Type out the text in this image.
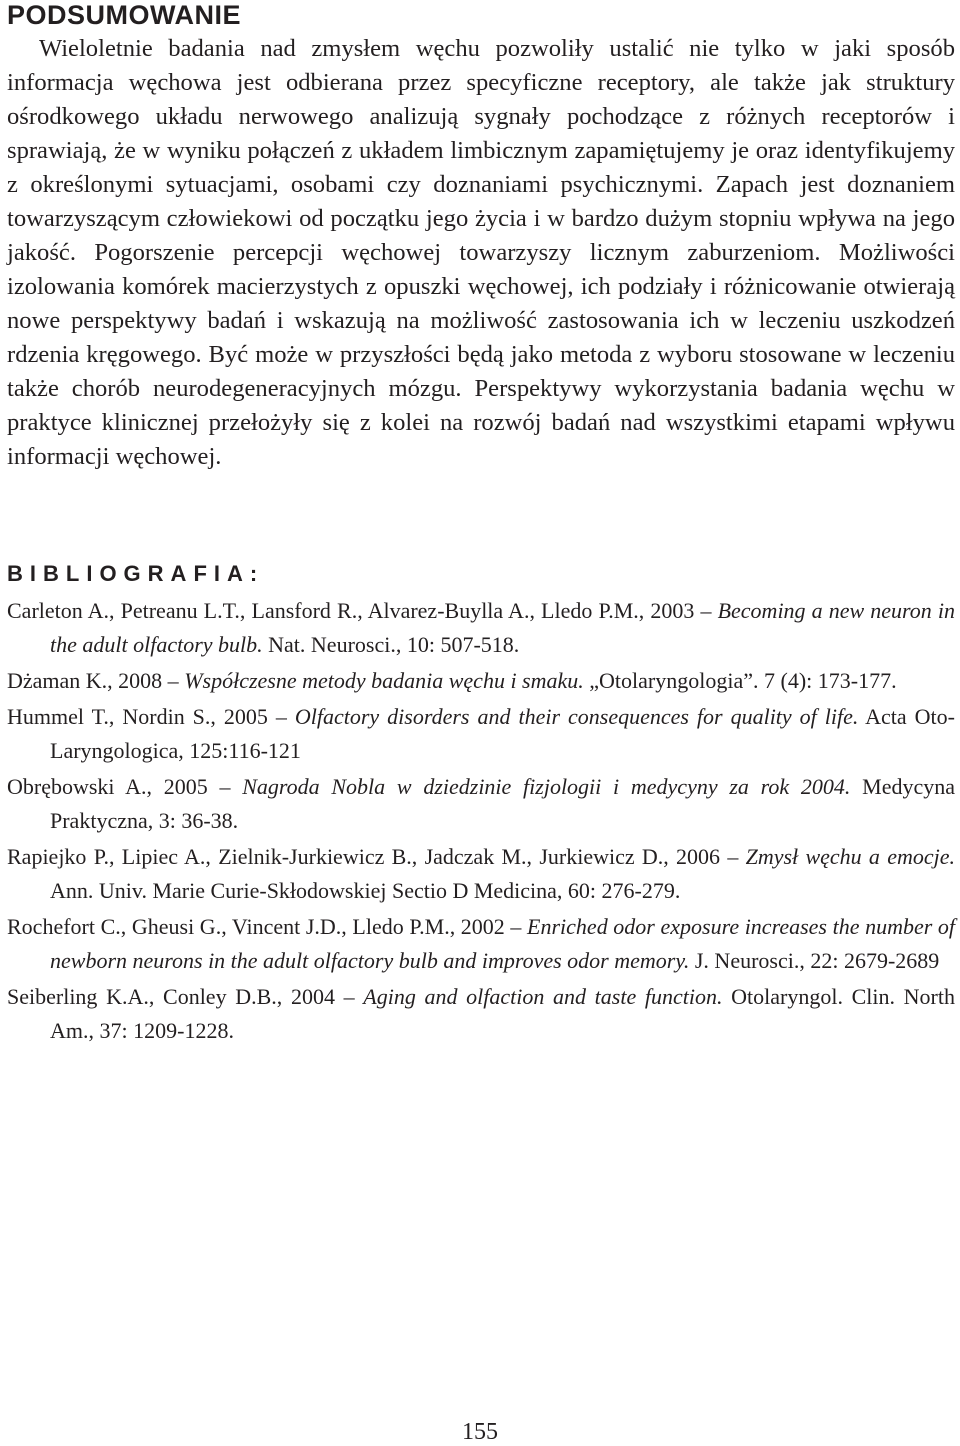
PODSUMOWANIE

Wieloletnie badania nad zmysłem węchu pozwoliły ustalić nie tylko w jaki sposób informacja węchowa jest odbierana przez specyficzne receptory, ale także jak struktury ośrodkowego układu nerwowego analizują sygnały pochodzące z różnych receptorów i sprawiają, że w wyniku połączeń z układem limbicznym zapamiętujemy je oraz identyfikujemy z określonymi sytuacjami, osobami czy doznaniami psychicznymi. Zapach jest doznaniem towarzyszącym człowiekowi od początku jego życia i w bardzo dużym stopniu wpływa na jego jakość. Pogorszenie percepcji węchowej towarzyszy licznym zaburzeniom. Możliwości izolowania komórek macierzystych z opuszki węchowej, ich podziały i różnicowanie otwierają nowe perspektywy badań i wskazują na możliwość zastosowania ich w leczeniu uszkodzeń rdzenia kręgowego. Być może w przyszłości będą jako metoda z wyboru stosowane w leczeniu także chorób neurodegeneracyjnych mózgu. Perspektywy wykorzystania badania węchu w praktyce klinicznej przełożyły się z kolei na rozwój badań nad wszystkimi etapami wpływu informacji węchowej.

BIBLIOGRAFIA:
Carleton A., Petreanu L.T., Lansford R., Alvarez-Buylla A., Lledo P.M., 2003 – Becoming a new neuron in the adult olfactory bulb. Nat. Neurosci., 10: 507-518.
Dżaman K., 2008 – Współczesne metody badania węchu i smaku. „Otolaryngologia”. 7 (4): 173-177.
Hummel T., Nordin S., 2005 – Olfactory disorders and their consequences for quality of life. Acta Oto-Laryngologica, 125:116-121
Obrębowski A., 2005 – Nagroda Nobla w dziedzinie fizjologii i medycyny za rok 2004. Medycyna Praktyczna, 3: 36-38.
Rapiejko P., Lipiec A., Zielnik-Jurkiewicz B., Jadczak M., Jurkiewicz D., 2006 – Zmysł węchu a emocje. Ann. Univ. Marie Curie-Skłodowskiej Sectio D Medicina, 60: 276-279.
Rochefort C., Gheusi G., Vincent J.D., Lledo P.M., 2002 – Enriched odor exposure increases the number of newborn neurons in the adult olfactory bulb and improves odor memory. J. Neurosci., 22: 2679-2689
Seiberling K.A., Conley D.B., 2004 – Aging and olfaction and taste function. Otolaryngol. Clin. North Am., 37: 1209-1228.
155
